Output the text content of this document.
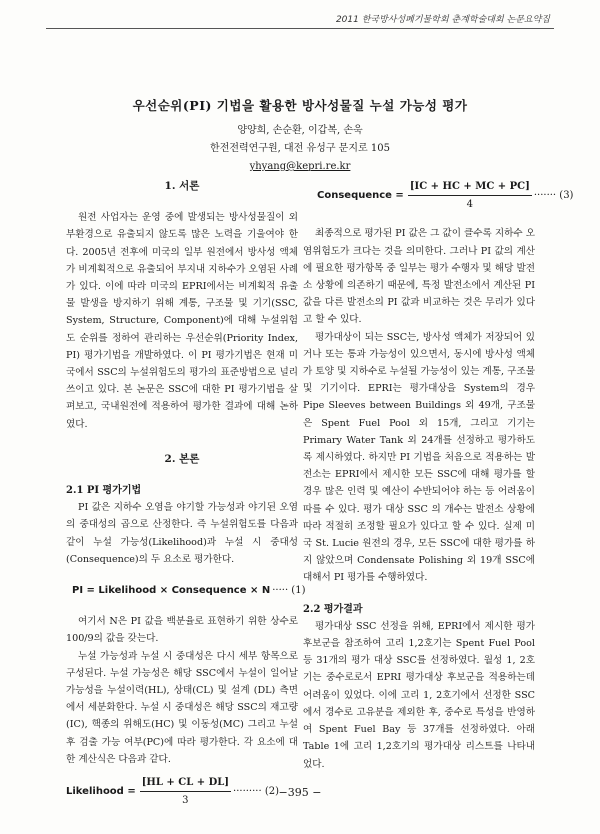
2011 한국방사성폐기물학회 춘계학술대회 논문요약집
우선순위(PI) 기법을 활용한 방사성물질 누설 가능성 평가
양양희, 손순환, 이갑복, 손욱
한전전력연구원, 대전 유성구 문지로 105
yhyang@kepri.re.kr
1. 서론

원전 사업자는 운영 중에 발생되는 방사성물질이 외부환경으로 유출되지 않도록 많은 노력을 기울여야 한다. 2005년 전후에 미국의 일부 원전에서 방사성 액체가 비계획적으로 유출되어 부지내 지하수가 오염된 사례가 있다. 이에 따라 미국의 EPRI에서는 비계획적 유출물 발생을 방지하기 위해 계통, 구조물 및 기기(SSC, System, Structure, Component)에 대해 누설위험도 순위를 정하여 관리하는 우선순위(Priority Index, PI) 평가기법을 개발하였다. 이 PI 평가기법은 현재 미국에서 SSC의 누설위험도의 평가의 표준방법으로 널리 쓰이고 있다. 본 논문은 SSC에 대한 PI 평가기법을 살펴보고, 국내원전에 적용하여 평가한 결과에 대해 논하였다.

2. 본론
2.1 PI 평가기법

PI 값은 지하수 오염을 야기할 가능성과 야기된 오염의 중대성의 곱으로 산정한다. 즉 누설위험도를 다음과 같이 누설 가능성(Likelihood)과 누설 시 중대성(Consequence)의 두 요소로 평가한다.

PI = Likelihood × Consequence × N ····· (1)

여기서 N은 PI 값을 백분율로 표현하기 위한 상수로 100/9의 값을 갖는다.

누설 가능성과 누설 시 중대성은 다시 세부 항목으로 구성된다. 누설 가능성은 해당 SSC에서 누설이 일어날 가능성을 누설이력(HL), 상태(CL) 및 설계 (DL) 측면에서 세분화한다. 누설 시 중대성은 해당 SSC의 재고량(IC), 핵종의 위해도(HC) 및 이동성(MC) 그리고 누설 후 검출 가능 여부(PC)에 따라 평가한다. 각 요소에 대한 계산식은 다음과 같다.

Likelihood = $\frac{[HL + CL + DL]}{3}$ ········· (2)
Consequence = $\frac{[IC + HC + MC + PC]}{4}$ ······· (3)

최종적으로 평가된 PI 값은 그 값이 클수록 지하수 오염위험도가 크다는 것을 의미한다. 그러나 PI 값의 계산에 필요한 평가항목 중 일부는 평가 수행자 및 해당 발전소 상황에 의존하기 때문에, 특정 발전소에서 계산된 PI 값을 다른 발전소의 PI 값과 비교하는 것은 무리가 있다고 할 수 있다.

평가대상이 되는 SSC는, 방사성 액체가 저장되어 있거나 또는 통과 가능성이 있으면서, 동시에 방사성 액체가 토양 및 지하수로 누설될 가능성이 있는 계통, 구조물 및 기기이다. EPRI는 평가대상을 System의 경우 Pipe Sleeves between Buildings 외 49개, 구조물은 Spent Fuel Pool 외 15개, 그리고 기기는 Primary Water Tank 외 24개를 선정하고 평가하도록 제시하였다. 하지만 PI 기법을 처음으로 적용하는 발전소는 EPRI에서 제시한 모든 SSC에 대해 평가를 할 경우 많은 인력 및 예산이 수반되어야 하는 등 어려움이 따를 수 있다. 평가 대상 SSC 의 개수는 발전소 상황에 따라 적절히 조정할 필요가 있다고 할 수 있다. 실제 미국 St. Lucie 원전의 경우, 모든 SSC에 대한 평가를 하지 않았으며 Condensate Polishing 외 19개 SSC에 대해서 PI 평가를 수행하였다.

2.2 평가결과

평가대상 SSC 선정을 위해, EPRI에서 제시한 평가 후보군을 참조하여 고리 1,2호기는 Spent Fuel Pool 등 31개의 평가 대상 SSC를 선정하였다. 월성 1, 2호기는 중수로로서 EPRI 평가대상 후보군을 적용하는데 어려움이 있었다. 이에 고리 1, 2호기에서 선정한 SSC에서 경수로 고유분을 제외한 후, 중수로 특성을 반영하여 Spent Fuel Bay 등 37개를 선정하였다. 아래 Table 1에 고리 1,2호기의 평가대상 리스트를 나타내었다.

−395 −
